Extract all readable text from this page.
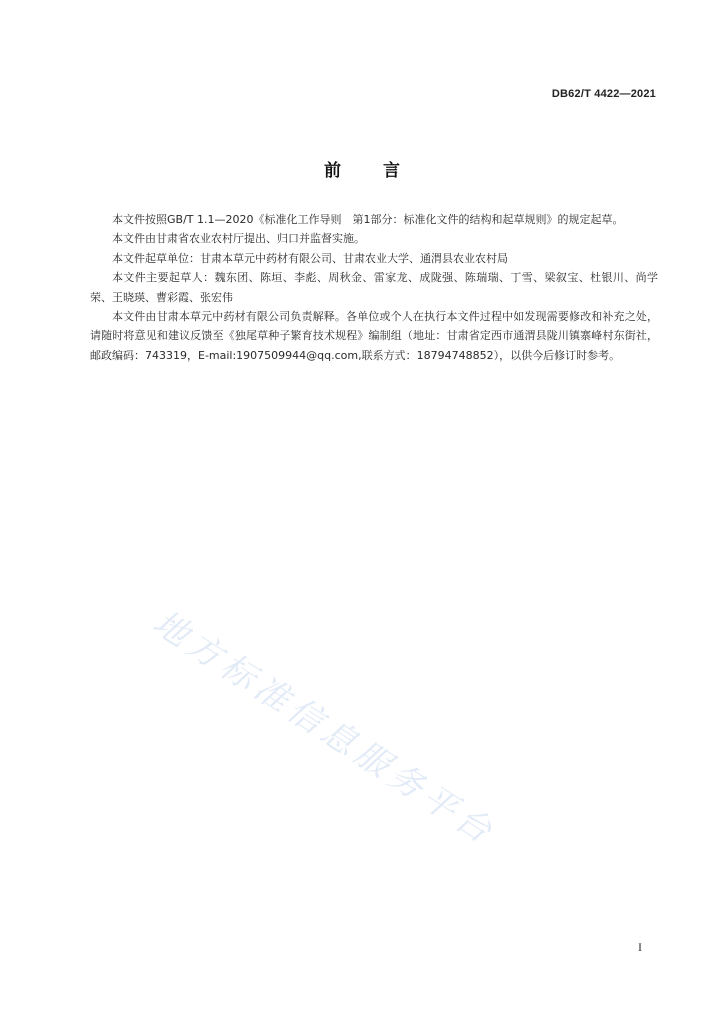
DB62/T 4422—2021
前 言

本文件按照GB/T 1.1—2020《标准化工作导则　第1部分：标准化文件的结构和起草规则》的规定起草。

本文件由甘肃省农业农村厅提出、归口并监督实施。

本文件起草单位：甘肃本草元中药材有限公司、甘肃农业大学、通渭县农业农村局

本文件主要起草人：魏东团、陈垣、李彪、周秋金、雷家龙、成陇强、陈瑞瑞、丁雪、梁叙宝、杜银川、尚学荣、王晓瑛、曹彩霞、张宏伟

本文件由甘肃本草元中药材有限公司负责解释。各单位或个人在执行本文件过程中如发现需要修改和补充之处，请随时将意见和建议反馈至《独尾草种子繁育技术规程》编制组（地址：甘肃省定西市通渭县陇川镇寨峰村东街社，邮政编码：743319，E-mail:1907509944@qq.com,联系方式：18794748852），以供今后修订时参考。

地方标准信息服务平台
I
